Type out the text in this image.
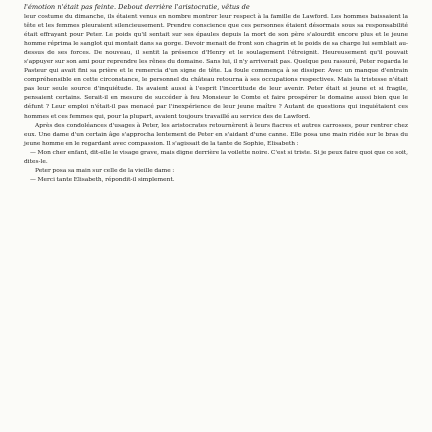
l'émotion n'était pas feinte. Debout derrière l'aristocratie, vêtus de

leur costume du dimanche, ils étaient venus en nombre montrer leur respect à la famille de Lawford. Les hommes baissaient la tête et les femmes pleuraient silencieusement. Prendre conscience que ces personnes étaient désormais sous sa responsabilité était effrayant pour Peter. Le poids qu'il sentait sur ses épaules depuis la mort de son père s'alourdit encore plus et le jeune homme réprima le sanglot qui montait dans sa gorge. Devoir menait de front son chagrin et le poids de sa charge lui semblait au-dessus de ses forces. De nouveau, il sentit la présence d'Henry et le soulagement l'étreignit. Heureusement qu'il pouvait s'appuyer sur son ami pour reprendre les rênes du domaine. Sans lui, il n'y arriverait pas. Quelque peu rassuré, Peter regarda le Pasteur qui avait fini sa prière et le remercia d'un signe de tête. La foule commença à se dissiper. Avec un manque d'entrain compréhensible en cette circonstance, le personnel du château retourna à ses occupations respectives. Mais la tristesse n'était pas leur seule source d'inquiétude. Ils avaient aussi à l'esprit l'incertitude de leur avenir. Peter était si jeune et si fragile, pensaient certains. Serait-il en mesure de succéder à feu Monsieur le Comte et faire prospérer le domaine aussi bien que le défunt ? Leur emploi n'était-il pas menacé par l'inexpérience de leur jeune maître ? Autant de questions qui inquiétaient ces hommes et ces femmes qui, pour la plupart, avaient toujours travaillé au service des de Lawford.

Après des condoléances d'usages à Peter, les aristocrates retournèrent à leurs fiacres et autres carrosses, pour rentrer chez eux. Une dame d'un certain âge s'approcha lentement de Peter en s'aidant d'une canne. Elle posa une main ridée sur le bras du jeune homme en le regardant avec compassion. Il s'agissait de la tante de Sophie, Elisabeth :

— Mon cher enfant, dit-elle le visage grave, mais digne derrière la voilette noire. C'est si triste. Si je peux faire quoi que ce soit, dites-le.

Peter posa sa main sur celle de la vieille dame :

— Merci tante Elisabeth, répondit-il simplement.
